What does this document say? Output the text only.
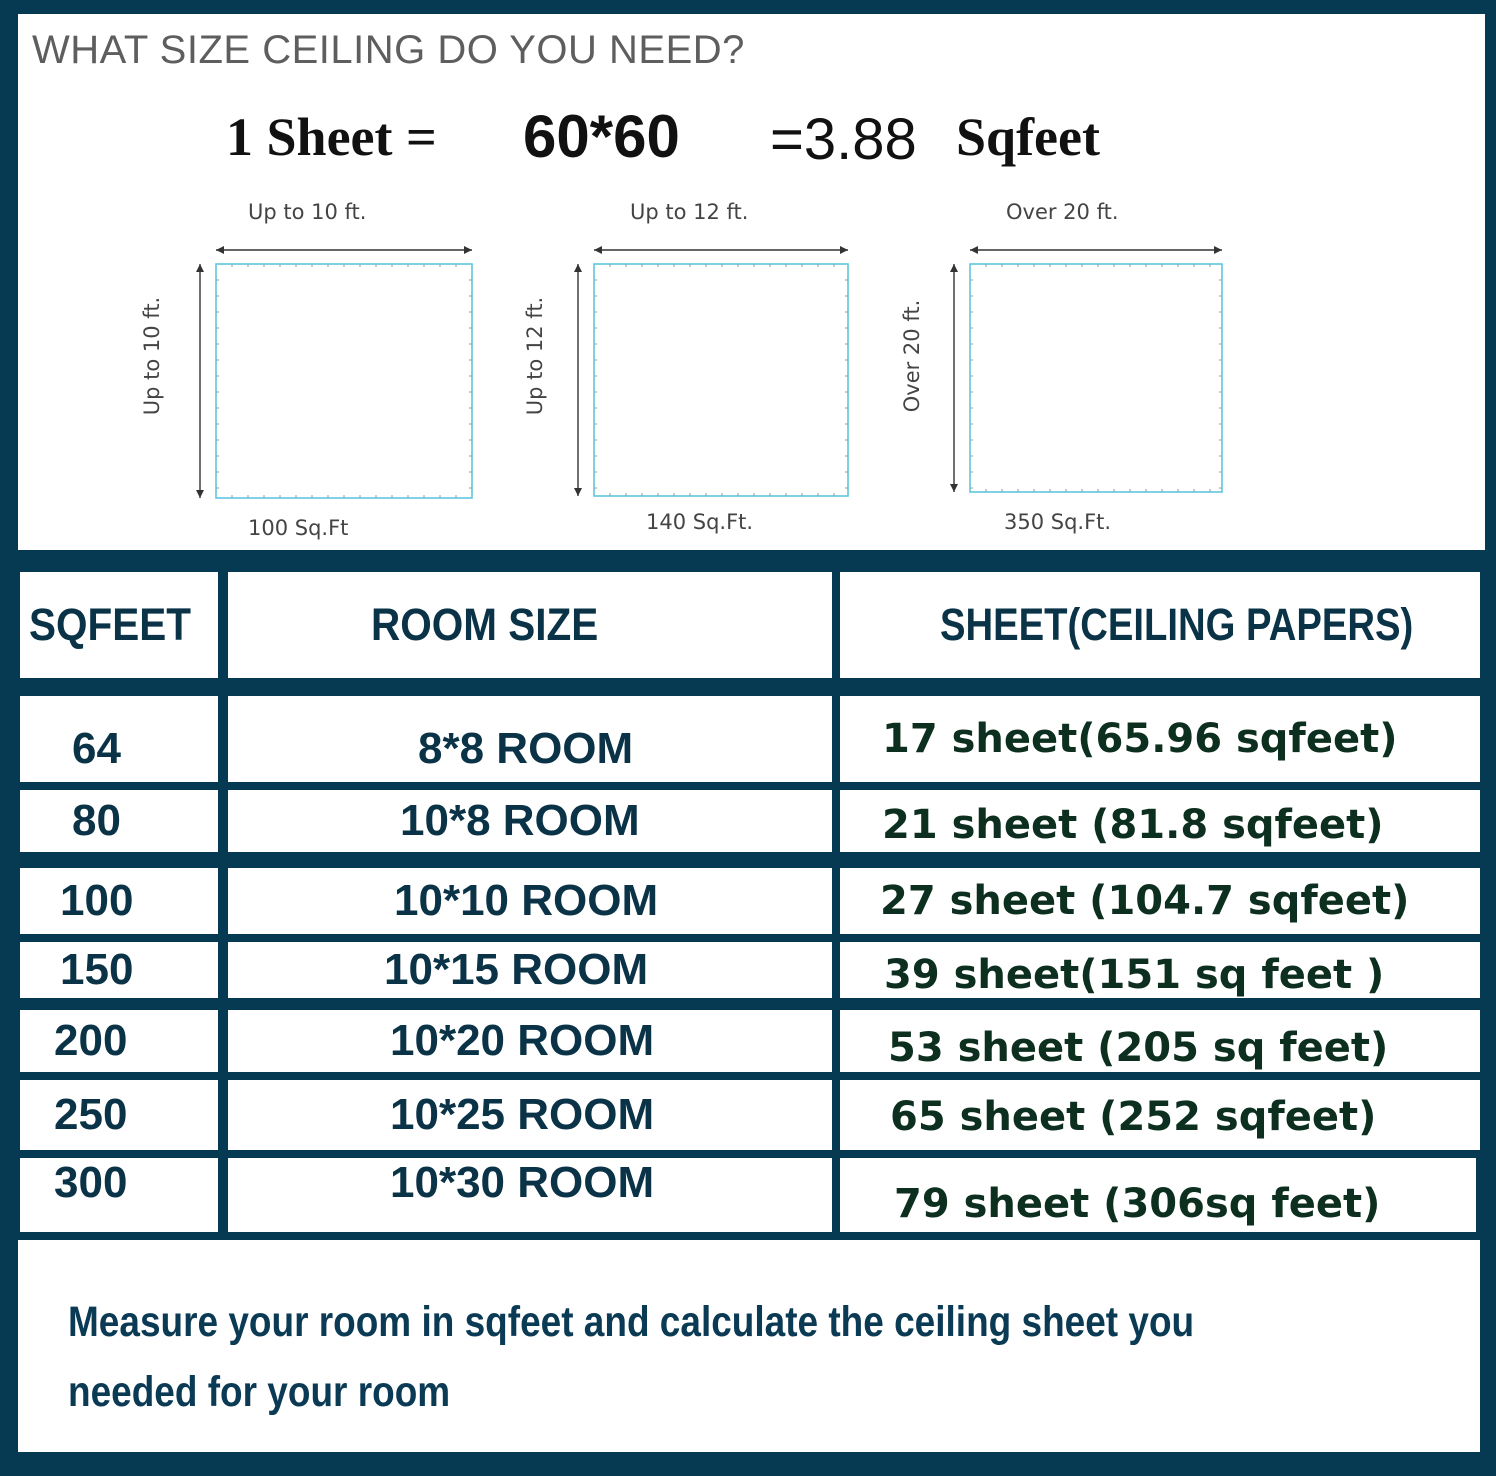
WHAT SIZE CEILING DO YOU NEED?
1 Sheet = 60*60 =3.88 Sqfeet
Up to 10 ft.
Up to 10 ft.
100 Sq.Ft
Up to 12 ft.
Up to 12 ft.
140 Sq.Ft.
Over 20 ft.
Over 20 ft.
350 Sq.Ft.
SQFEET	ROOM SIZE	SHEET(CEILING PAPERS)
64	8*8 ROOM	17 sheet(65.96 sqfeet)
80	10*8 ROOM	21 sheet (81.8 sqfeet)
100	10*10 ROOM	27 sheet (104.7 sqfeet)
150	10*15 ROOM	39 sheet(151 sq feet )
200	10*20 ROOM	53 sheet (205 sq feet)
250	10*25 ROOM	65 sheet (252 sqfeet)
300	10*30 ROOM	79 sheet (306sq feet)
Measure your room in sqfeet and calculate the ceiling sheet you
needed for your room
